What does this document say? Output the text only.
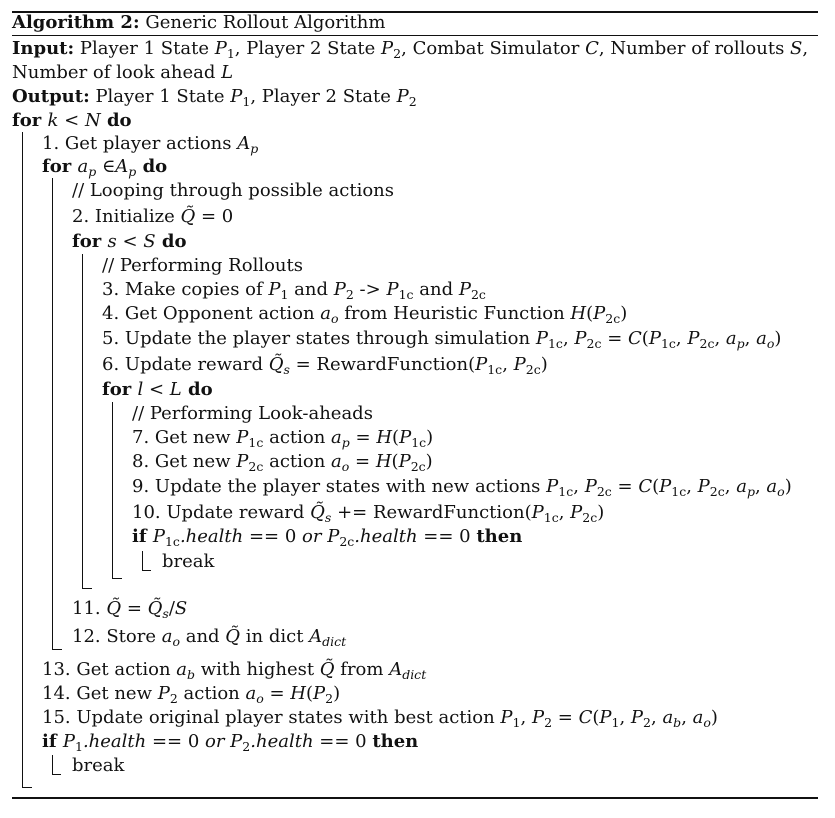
Algorithm 2: Generic Rollout Algorithm
Input: Player 1 State $P_1$, Player 2 State $P_2$, Combat Simulator C, Number of rollouts S,
Number of look ahead L
Output: Player 1 State $P_1$, Player 2 State $P_2$
for k < N do
1. Get player actions $A_p$
for $a_p$ $\in A_p$ do
// Looping through possible actions
2. Initialize Q̃ = 0
for s < S do
// Performing Rollouts
3. Make copies of $P_1$ and $P_2 -> P_{1c}$ and $P_{2c}$
4. Get Opponent action $a_o$ from Heuristic Function $H(P_{2c})$
5. Update the player states through simulation $P_{1c}$, $P_{2c} = C(P_{1c}$, $P_{2c}$, $a_p$, $a_o$)
6. Update reward $Q̃_s$ = $RewardFunction(P_{1c}$, $P_{2c}$)
for l < L do
// Performing Look-aheads
7. Get new $P_{1c}$ action $a_p = H(P_{1c})$
8. Get new $P_{2c}$ action $a_o = H(P_{2c})$
9. Update the player states with new actions $P_{1c}$, $P_{2c} = C(P_{1c}$, $P_{2c}$, $a_p$, $a_o$)
10. Update reward $Q̃_s$ += $RewardFunction(P_{1c}$, $P_{2c}$)
if $P_{1c}.health == 0$ or $P_{2c}.health == 0$ then
break
11. Q̃ = $Q̃_s/S$
12. Store $a_o$ and Q̃ in dict $A_{dict}$
13. Get action $a_b$ with highest Q̃ from $A_{dict}$
14. Get new $P_2$ action $a_o = H(P_2)$
15. Update original player states with best action $P_1$, $P_2 = C(P_1$, $P_2$, $a_b$, $a_o$)
if $P_1.health == 0$ or $P_2.health == 0$ then
break
